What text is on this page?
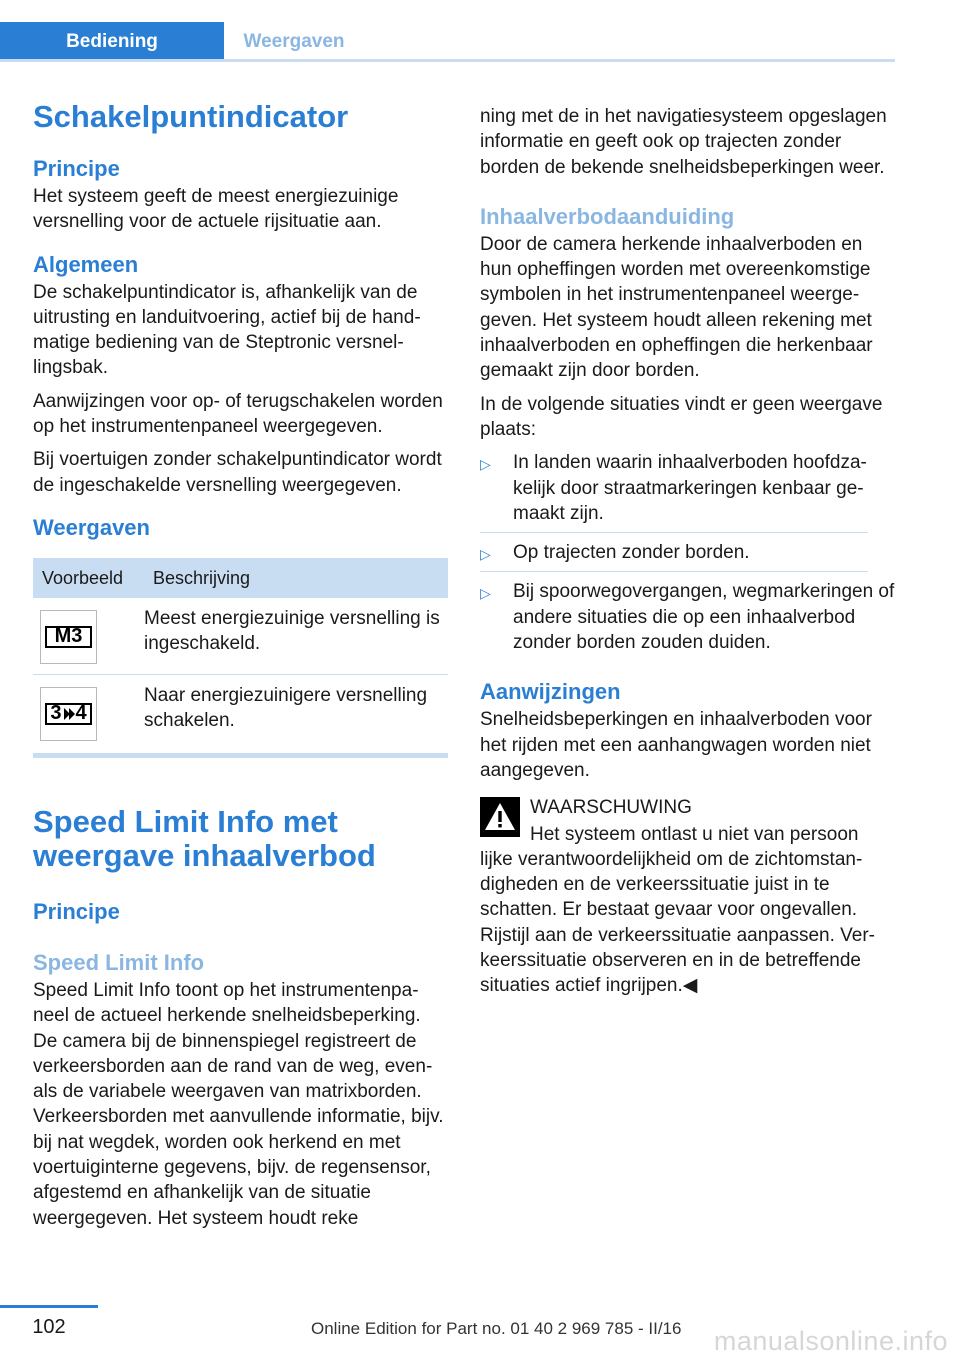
Bediening	Weergaven
Schakelpuntindicator
Principe

Het systeem geeft de meest energiezuinige versnelling voor de actuele rijsituatie aan.

Algemeen

De schakelpuntindicator is, afhankelijk van de uitrusting en landuitvoering, actief bij de handmatige bediening van de Steptronic versnellingsbak.

Aanwijzingen voor op- of terugschakelen worden op het instrumentenpaneel weergegeven.

Bij voertuigen zonder schakelpuntindicator wordt de ingeschakelde versnelling weergegeven.

Weergaven
Voorbeeld	Beschrijving
M3
Meest energiezuinige versnelling is ingeschakeld.
3 4
Naar energiezuinigere versnelling schakelen.
Speed Limit Info met weergave inhaalverbod
Principe
Speed Limit Info

Speed Limit Info toont op het instrumentenpaneel de actueel herkende snelheidsbeperking. De camera bij de binnenspiegel registreert de verkeersborden aan de rand van de weg, evenals de variabele weergaven van matrixborden. Verkeersborden met aanvullende informatie, bijv. bij nat wegdek, worden ook herkend en met voertuiginterne gegevens, bijv. de regensensor, afgestemd en afhankelijk van de situatie weergegeven. Het systeem houdt reke

ning met de in het navigatiesysteem opgeslagen informatie en geeft ook op trajecten zonder borden de bekende snelheidsbeperkingen weer.

Inhaalverbodaanduiding

Door de camera herkende inhaalverboden en hun opheffingen worden met overeenkomstige symbolen in het instrumentenpaneel weergegeven. Het systeem houdt alleen rekening met inhaalverboden en opheffingen die herkenbaar gemaakt zijn door borden.

In de volgende situaties vindt er geen weergave plaats:

▷ In landen waarin inhaalverboden hoofdzakelijk door straatmarkeringen kenbaar gemaakt zijn.
▷ Op trajecten zonder borden.
▷ Bij spoorwegovergangen, wegmarkeringen of andere situaties die op een inhaalverbod zonder borden zouden duiden.
Aanwijzingen

Snelheidsbeperkingen en inhaalverboden voor het rijden met een aanhangwagen worden niet aangegeven.

WAARSCHUWING

Het systeem ontlast u niet van persoon

lijke verantwoordelijkheid om de zichtomstandigheden en de verkeerssituatie juist in te schatten. Er bestaat gevaar voor ongevallen. Rijstijl aan de verkeerssituatie aanpassen. Verkeerssituatie observeren en in de betreffende situaties actief ingrijpen.◀

102	Online Edition for Part no. 01 40 2 969 785 - II/16 manualsonline.info
